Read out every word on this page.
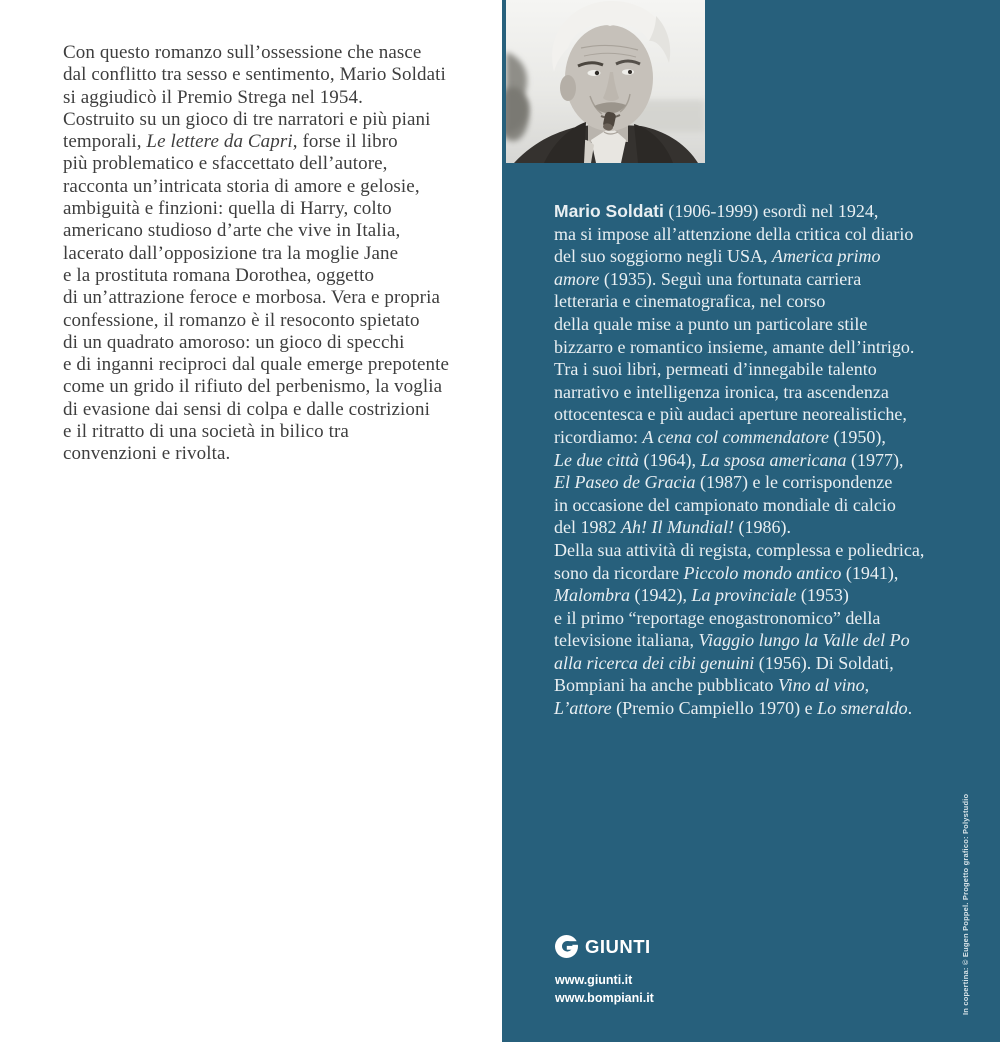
Con questo romanzo sull’ossessione che nasce
dal conflitto tra sesso e sentimento, Mario Soldati
si aggiudicò il Premio Strega nel 1954.
Costruito su un gioco di tre narratori e più piani
temporali, Le lettere da Capri, forse il libro
più problematico e sfaccettato dell’autore,
racconta un’intricata storia di amore e gelosie,
ambiguità e finzioni: quella di Harry, colto
americano studioso d’arte che vive in Italia,
lacerato dall’opposizione tra la moglie Jane
e la prostituta romana Dorothea, oggetto
di un’attrazione feroce e morbosa. Vera e propria
confessione, il romanzo è il resoconto spietato
di un quadrato amoroso: un gioco di specchi
e di inganni reciproci dal quale emerge prepotente
come un grido il rifiuto del perbenismo, la voglia
di evasione dai sensi di colpa e dalle costrizioni
e il ritratto di una società in bilico tra
convenzioni e rivolta.
Mario Soldati (1906-1999) esordì nel 1924,
ma si impose all’attenzione della critica col diario
del suo soggiorno negli USA, America primo
amore (1935). Seguì una fortunata carriera
letteraria e cinematografica, nel corso
della quale mise a punto un particolare stile
bizzarro e romantico insieme, amante dell’intrigo.
Tra i suoi libri, permeati d’innegabile talento
narrativo e intelligenza ironica, tra ascendenza
ottocentesca e più audaci aperture neorealistiche,
ricordiamo: A cena col commendatore (1950),
Le due città (1964), La sposa americana (1977),
El Paseo de Gracia (1987) e le corrispondenze
in occasione del campionato mondiale di calcio
del 1982 Ah! Il Mundial! (1986).
Della sua attività di regista, complessa e poliedrica,
sono da ricordare Piccolo mondo antico (1941),
Malombra (1942), La provinciale (1953)
e il primo “reportage enogastronomico” della
televisione italiana, Viaggio lungo la Valle del Po
alla ricerca dei cibi genuini (1956). Di Soldati,
Bompiani ha anche pubblicato Vino al vino,
L’attore (Premio Campiello 1970) e Lo smeraldo.
GIUNTI
www.giunti.it
www.bompiani.it	In copertina: © Eugen Poppel. Progetto grafico: Polystudio
